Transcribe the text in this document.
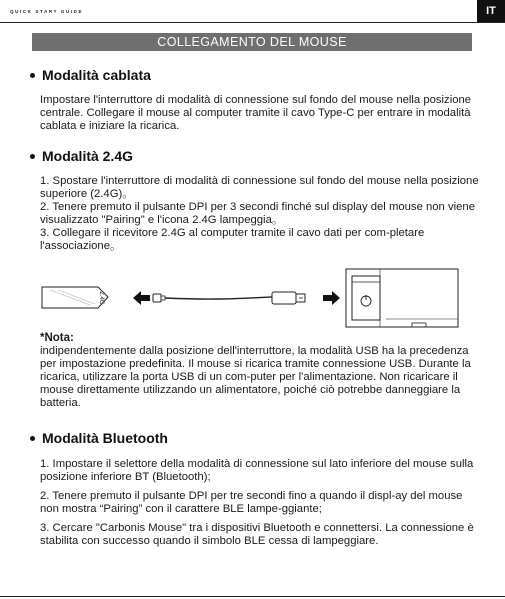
QUICK START GUIDE	IT
COLLEGAMENTO DEL MOUSE
Modalità cablata

Impostare l'interruttore di modalità di connessione sul fondo del mouse nella posizione centrale. Collegare il mouse al computer tramite il cavo Type-C per entrare in modalità cablata e iniziare la ricarica.

Modalità 2.4G

1. Spostare l'interruttore di modalità di connessione sul fondo del mouse nella posizione superiore (2.4G)。

2. Tenere premuto il pulsante DPI per 3 secondi finché sul display del mouse non viene visualizzato "Pairing" e l'icona 2.4G lampeggia。

3. Collegare il ricevitore 2.4G al computer tramite il cavo dati per com-pletare l'associazione。

2.4G
*Nota:

indipendentemente dalla posizione dell'interruttore, la modalità USB ha la precedenza per impostazione predefinita. Il mouse si ricarica tramite connessione USB. Durante la ricarica, utilizzare la porta USB di un com-puter per l'alimentazione. Non ricaricare il mouse direttamente utilizzando un alimentatore, poiché ciò potrebbe danneggiare la batteria.

Modalità Bluetooth

1. Impostare il selettore della modalità di connessione sul lato inferiore del mouse sulla posizione inferiore BT (Bluetooth);

2. Tenere premuto il pulsante DPI per tre secondi fino a quando il displ-ay del mouse non mostra “Pairing” con il carattere BLE lampe-ggiante;

3. Cercare "Carbonis Mouse" tra i dispositivi Bluetooth e connettersi. La connessione è stabilita con successo quando il simbolo BLE cessa di lampeggiare.
